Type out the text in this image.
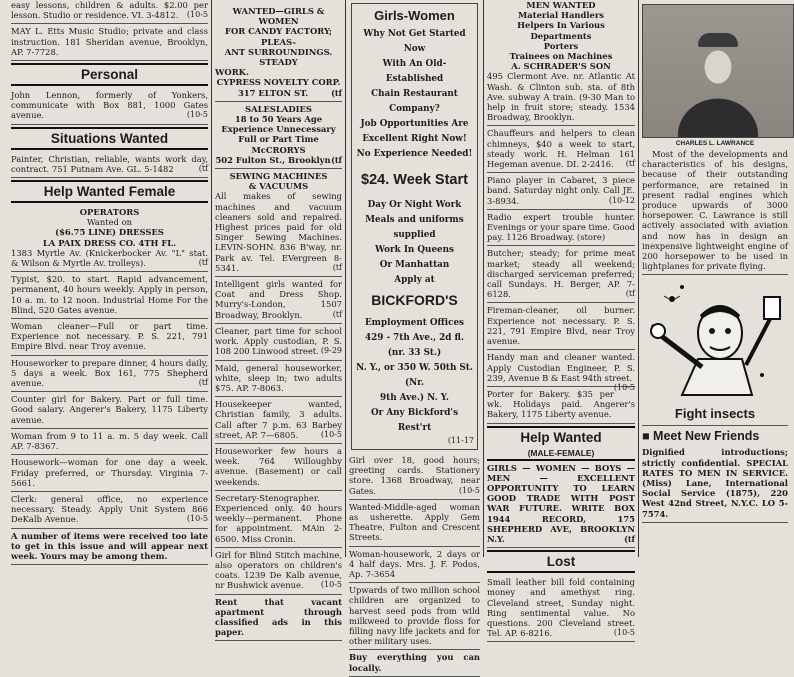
easy lessons, children & adults. $2.00 per lesson. Studio or residence. VI. 3-4812. (10-5
MAY L. Etts Music Studio; private and class instruction. 181 Sheridan avenue, Brooklyn, AP. 7-7728.
Personal
John Lennon, formerly of Yonkers, communicate with Box 881, 1000 Gates avenue.	(10-5
Situations Wanted
Painter, Christian, reliable, wants work day, contract. 751 Putnam Ave. GL. 5-1482	(tf
Help Wanted Female

OPERATORS

Wanted on

($6.75 LINE) DRESSES

LA PAIX DRESS CO. 4TH FL.

1383 Myrtle Av. (Knickerbocker Av. "L" stat. & Wilson & Myrtle Av. trolleys).	(tf
Typist, $20. to start. Rapid advancement, permanent, 40 hours weekly. Apply in person, 10 a. m. to 12 noon. Industrial Home For the Blind, 520 Gates avenue.
Woman cleaner—Full or part time. Experience not necessary. P. S. 221, 791 Empire Blvd. near Troy avenue.
Houseworker to prepare dinner, 4 hours daily, 5 days a week. Box 161, 775 Shepherd avenue.	(tf
Counter girl for Bakery. Part or full time. Good salary. Angerer's Bakery, 1175 Liberty avenue.
Woman from 9 to 11 a. m. 5 day week. Call AP. 7-8367.
Housework—woman for one day a week. Friday preferred, or Thursday. Virginia 7-5661.
Clerk: general office, no experience necessary. Steady. Apply Unit System 866 DeKalb Avenue.	(10-5
A number of items were received too late to get in this issue and will appear next week. Yours may be among them.

WANTED—GIRLS & WOMEN

FOR CANDY FACTORY; PLEAS-

ANT SURROUNDINGS. STEADY

WORK.

CYPRESS NOVELTY CORP.

317 ELTON ST.	(tf

SALESLADIES

18 to 50 Years Age

Experience Unnecessary

Full or Part Time

McCRORYS

502 Fulton St., Brooklyn (tf

SEWING MACHINES

& VACUUMS

All makes of sewing machines and vacuum cleaners sold and repaired. Highest prices paid for old Singer Sewing Machines. LEVIN-SOHN. 836 B'way, nr. Park av. Tel. EVergreen 8-5341.	(tf
Intelligent girls wanted for Coat and Dress Shop. Murry's-London, 1507 Broadway, Brooklyn.	(tf
Cleaner, part time for school work. Apply custodian, P. S. 108 200 Linwood street. (9-29
Maid, general houseworker, white, sleep in; two adults $75. AP. 7-8063.
Housekeeper wanted, Christian family, 3 adults. Call after 7 p.m. 63 Barbey street, AP. 7—6805.	(10-5
Houseworker few hours a week. 764 Willoughby avenue. (Basement) or call weekends.
Secretary-Stenographer. Experienced only. 40 hours weekly—permanent. Phone for appointment. MAin 2-6500. Miss Cronin.
Girl for Blind Stitch machine, also operators on children's coats. 1239 De Kalb avenue, nr Bushwick avenue. (10-5
Rent that vacant apartment through classified ads in this paper.
Girls-Women
Why Not Get Started Now
With An Old-Established
Chain Restaurant Company?
Job Opportunities Are
Excellent Right Now!
No Experience Needed!
$24. Week Start
Day Or Night Work
Meals and uniforms supplied
Work In Queens
Or Manhattan
Apply at
BICKFORD'S
Employment Offices
429 - 7th Ave., 2d fl. (nr. 33 St.)
N. Y., or 350 W. 50th St. (Nr.
9th Ave.) N. Y.
Or Any Bickford's Rest'rt
(11-17
Girl over 18, good hours; greeting cards. Stationery store. 1368 Broadway, near Gates.	(10-5
Wanted-Middle-aged woman as usherette. Apply Gem Theatre, Fulton and Crescent Streets.
Woman-housework, 2 days or 4 half days. Mrs. J. F. Podos, Ap. 7-3654
Upwards of two million school children are organized to harvest seed pods from wild milkweed to provide floss for filling navy life jackets and for other military uses.
Buy everything you can locally.

MEN WANTED

Material Handlers

Helpers In Various Departments

Porters

Trainees on Machines

A. SCHRADER'S SON

495 Clermont Ave. nr. Atlantic At Wash. & Clinton sub. sta. of 8th Ave. subway A train. (9-30 Man to help in fruit store; steady. 1534 Broadway, Brooklyn.
Chauffeurs and helpers to clean chimneys, $40 a week to start, steady work. H. Helman 161 Hegeman avenue. DI. 2-2416. (tf
Piano player in Cabaret, 3 piece band. Saturday night only. Call JE. 3-8934.	(10-12
Radio expert trouble hunter. Evenings or your spare time. Good pay. 1126 Broadway. (store)
Butcher; steady; for prime meat market; steady all weekend; discharged serviceman preferred; call Sundays. H. Berger, AP. 7-6128.	(tf
Fireman-cleaner, oil burner. Experience not necessary. P. S. 221, 791 Empire Blvd, near Troy avenue.
Handy man and cleaner wanted. Apply Custodian Engineer, P. S. 239, Avenue B & East 94th street.
(10-5
Porter for Bakery. $35 per wk. Holidays paid. Angerer's Bakery, 1175 Liberty avenue.
Help Wanted
(MALE-FEMALE)
GIRLS — WOMEN — BOYS — MEN — EXCELLENT OPPORTUNITY TO LEARN GOOD TRADE WITH POST WAR FUTURE. WRITE BOX 1944 RECORD, 175 SHEPHERD AVE, BROOKLYN N.Y.	(tf
Lost
Small leather bill fold containing money and amethyst ring. Cleveland street, Sunday night. Ring sentimental value. No questions. 200 Cleveland street. Tel. AP. 6-8216.	(10-5
CHARLES L. LAWRANCE
Most of the developments and characteristics of his designs, because of their outstanding performance, are retained in present radial engines which produce upwards of 3000 horsepower. C. Lawrance is still actively associated with aviation and now has in design an inexpensive lightweight engine of 200 horsepower to be used in lightplanes for private flying.
Fight insects
■ Meet New Friends
Dignified introductions; strictly confidential. SPECIAL RATES TO MEN IN SERVICE. (Miss) Lane, International Social Service (1875), 220 West 42nd Street, N.Y.C. LO 5-7574.
